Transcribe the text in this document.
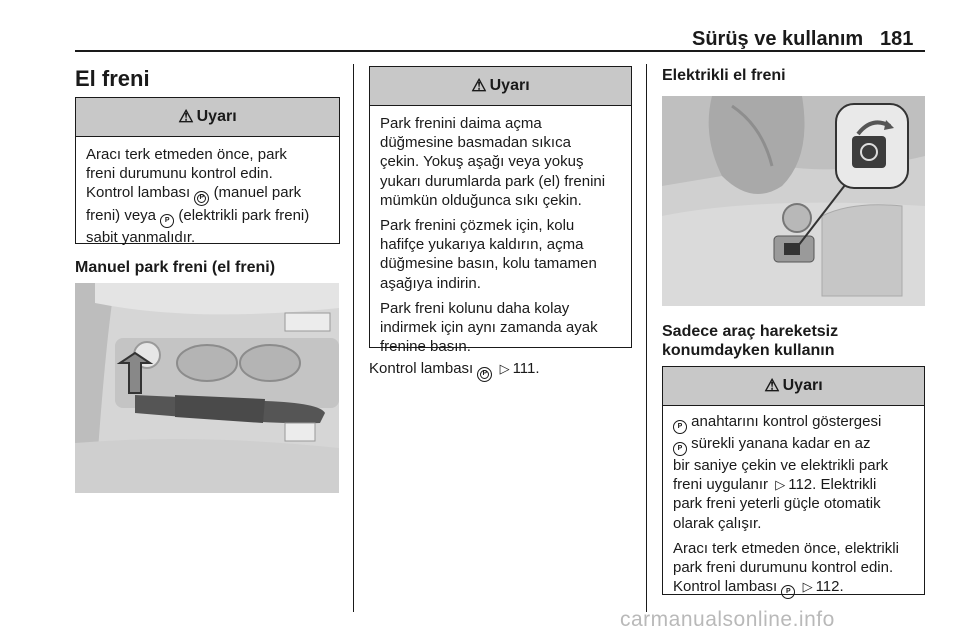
Sürüş ve kullanım 181
El freni
⚠ Uyarı
Aracı terk etmeden önce, park
freni durumunu kontrol edin.
Kontrol lambası P (manuel park
freni) veya P (elektrikli park freni)
sabit yanmalıdır.
Manuel park freni (el freni)
⚠ Uyarı

Park frenini daima açma
düğmesine basmadan sıkıca
çekin. Yokuş aşağı veya yokuş
yukarı durumlarda park (el) frenini
mümkün olduğunca sıkı çekin.

Park frenini çözmek için, kolu
hafifçe yukarıya kaldırın, açma
düğmesine basın, kolu tamamen
aşağıya indirin.

Park freni kolunu daha kolay
indirmek için aynı zamanda ayak
frenine basın.

Kontrol lambası P ▷ 111.
Elektrikli el freni
Sadece araç hareketsiz
konumdayken kullanın
⚠ Uyarı
P anahtarını kontrol göstergesi
P sürekli yanana kadar en az
bir saniye çekin ve elektrikli park
freni uygulanır ▷ 112. Elektrikli
park freni yeterli güçle otomatik
olarak çalışır.
Aracı terk etmeden önce, elektrikli
park freni durumunu kontrol edin.
Kontrol lambası P ▷ 112.
carmanualsonline.info
